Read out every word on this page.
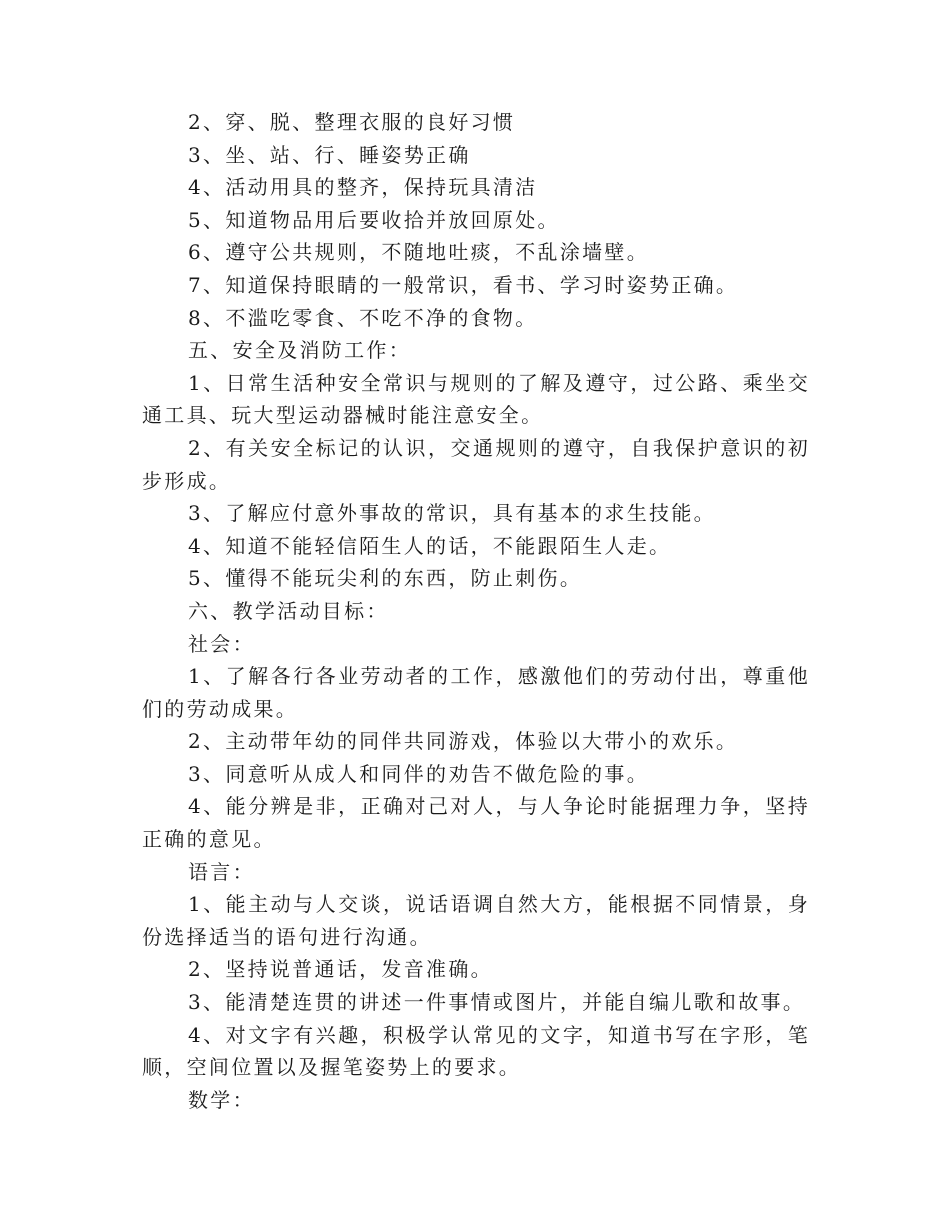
2、穿、脱、整理衣服的良好习惯

3、坐、站、行、睡姿势正确

4、活动用具的整齐，保持玩具清洁

5、知道物品用后要收拾并放回原处。

6、遵守公共规则，不随地吐痰，不乱涂墙壁。

7、知道保持眼睛的一般常识，看书、学习时姿势正确。

8、不滥吃零食、不吃不净的食物。

五、安全及消防工作：

1、日常生活种安全常识与规则的了解及遵守，过公路、乘坐交通工具、玩大型运动器械时能注意安全。

2、有关安全标记的认识，交通规则的遵守，自我保护意识的初步形成。

3、了解应付意外事故的常识，具有基本的求生技能。

4、知道不能轻信陌生人的话，不能跟陌生人走。

5、懂得不能玩尖利的东西，防止刺伤。

六、教学活动目标：

社会：

1、了解各行各业劳动者的工作，感激他们的劳动付出，尊重他们的劳动成果。

2、主动带年幼的同伴共同游戏，体验以大带小的欢乐。

3、同意听从成人和同伴的劝告不做危险的事。

4、能分辨是非，正确对己对人，与人争论时能据理力争，坚持正确的意见。

语言：

1、能主动与人交谈，说话语调自然大方，能根据不同情景，身份选择适当的语句进行沟通。

2、坚持说普通话，发音准确。

3、能清楚连贯的讲述一件事情或图片，并能自编儿歌和故事。

4、对文字有兴趣，积极学认常见的文字，知道书写在字形，笔顺，空间位置以及握笔姿势上的要求。

数学：
